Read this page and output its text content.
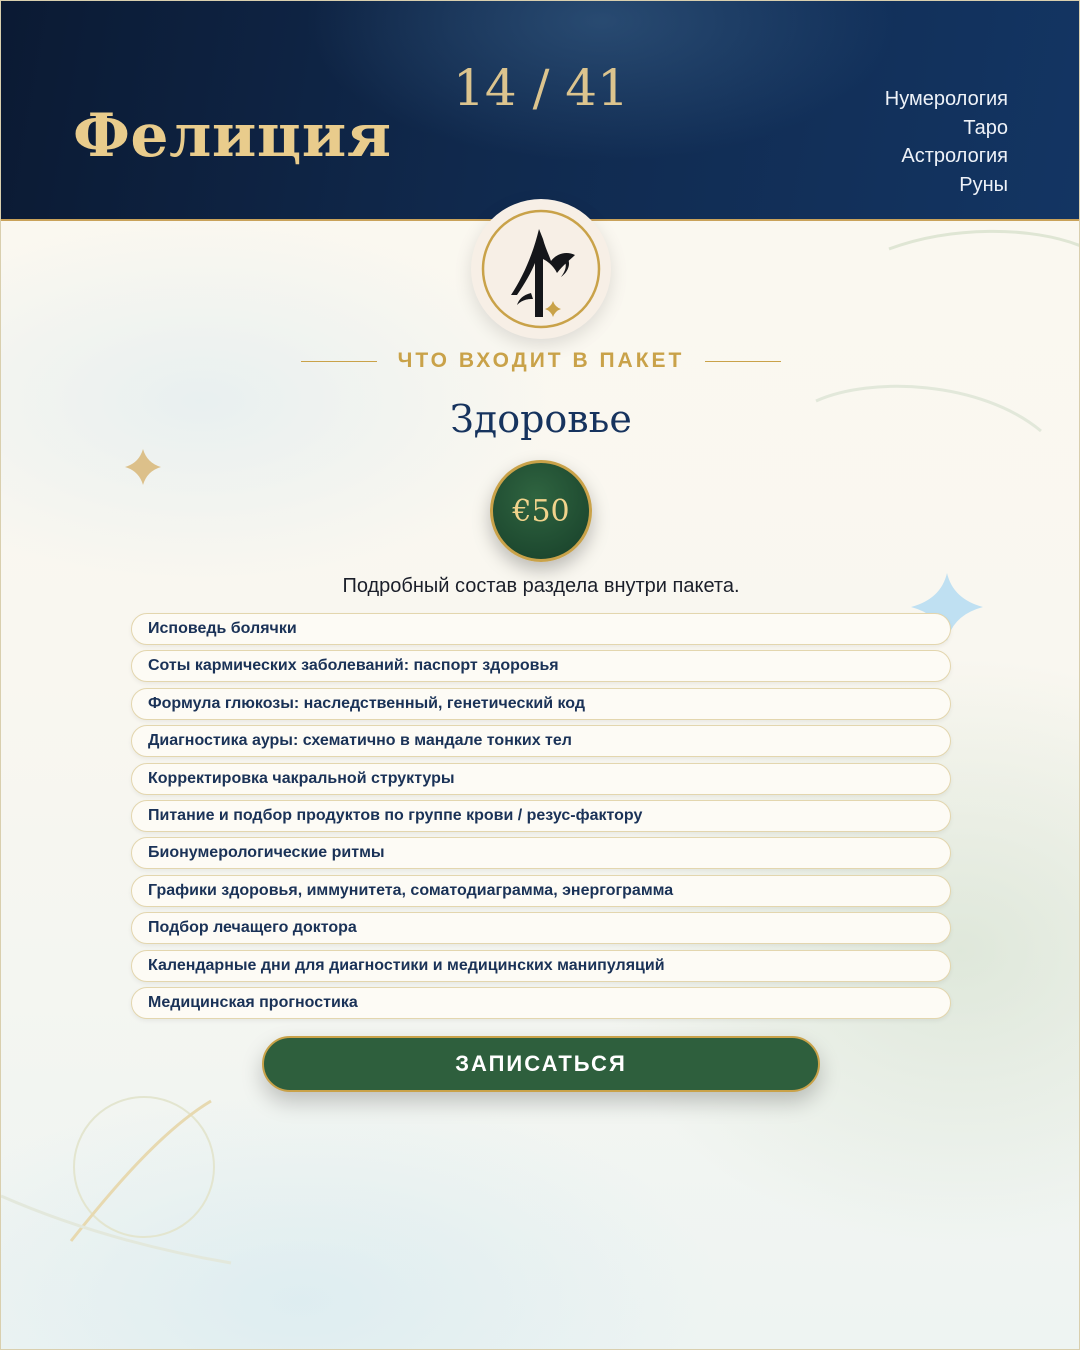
Фелиция
14 / 41	Нумерология
Таро
Астрология
Руны
ЧТО ВХОДИТ В ПАКЕТ
Здоровье
€50
Подробный состав раздела внутри пакета.
Исповедь болячки
Соты кармических заболеваний: паспорт здоровья
Формула глюкозы: наследственный, генетический код
Диагностика ауры: схематично в мандале тонких тел
Корректировка чакральной структуры
Питание и подбор продуктов по группе крови / резус-фактору
Бионумерологические ритмы
Графики здоровья, иммунитета, соматодиаграмма, энергограмма
Подбор лечащего доктора
Календарные дни для диагностики и медицинских манипуляций
Медицинская прогностика
ЗАПИСАТЬСЯ
